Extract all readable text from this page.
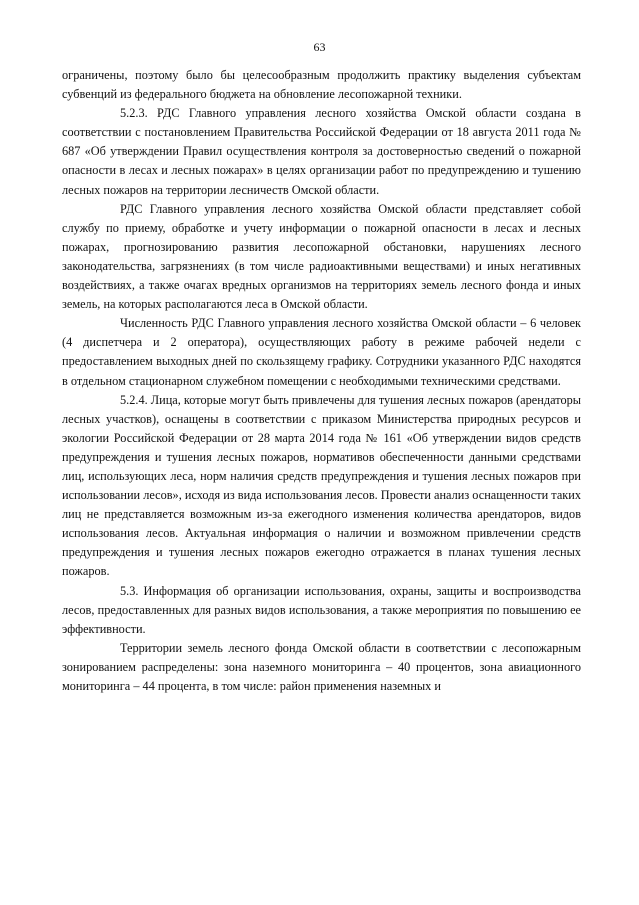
63

ограничены, поэтому было бы целесообразным продолжить практику выделения субъектам субвенций из федерального бюджета на обновление лесопожарной техники.

5.2.3. РДС Главного управления лесного хозяйства Омской области создана в соответствии с постановлением Правительства Российской Федерации от 18 августа 2011 года № 687 «Об утверждении Правил осуществления контроля за достоверностью сведений о пожарной опасности в лесах и лесных пожарах» в целях организации работ по предупреждению и тушению лесных пожаров на территории лесничеств Омской области.

РДС Главного управления лесного хозяйства Омской области представляет собой службу по приему, обработке и учету информации о пожарной опасности в лесах и лесных пожарах, прогнозированию развития лесопожарной обстановки, нарушениях лесного законодательства, загрязнениях (в том числе радиоактивными веществами) и иных негативных воздействиях, а также очагах вредных организмов на территориях земель лесного фонда и иных земель, на которых располагаются леса в Омской области.

Численность РДС Главного управления лесного хозяйства Омской области – 6 человек (4 диспетчера и 2 оператора), осуществляющих работу в режиме рабочей недели с предоставлением выходных дней по скользящему графику. Сотрудники указанного РДС находятся в отдельном стационарном служебном помещении с необходимыми техническими средствами.

5.2.4. Лица, которые могут быть привлечены для тушения лесных пожаров (арендаторы лесных участков), оснащены в соответствии с приказом Министерства природных ресурсов и экологии Российской Федерации от 28 марта 2014 года № 161 «Об утверждении видов средств предупреждения и тушения лесных пожаров, нормативов обеспеченности данными средствами лиц, использующих леса, норм наличия средств предупреждения и тушения лесных пожаров при использовании лесов», исходя из вида использования лесов. Провести анализ оснащенности таких лиц не представляется возможным из-за ежегодного изменения количества арендаторов, видов использования лесов. Актуальная информация о наличии и возможном привлечении средств предупреждения и тушения лесных пожаров ежегодно отражается в планах тушения лесных пожаров.

5.3. Информация об организации использования, охраны, защиты и воспроизводства лесов, предоставленных для разных видов использования, а также мероприятия по повышению ее эффективности.

Территории земель лесного фонда Омской области в соответствии с лесопожарным зонированием распределены: зона наземного мониторинга – 40 процентов, зона авиационного мониторинга – 44 процента, в том числе: район применения наземных и
